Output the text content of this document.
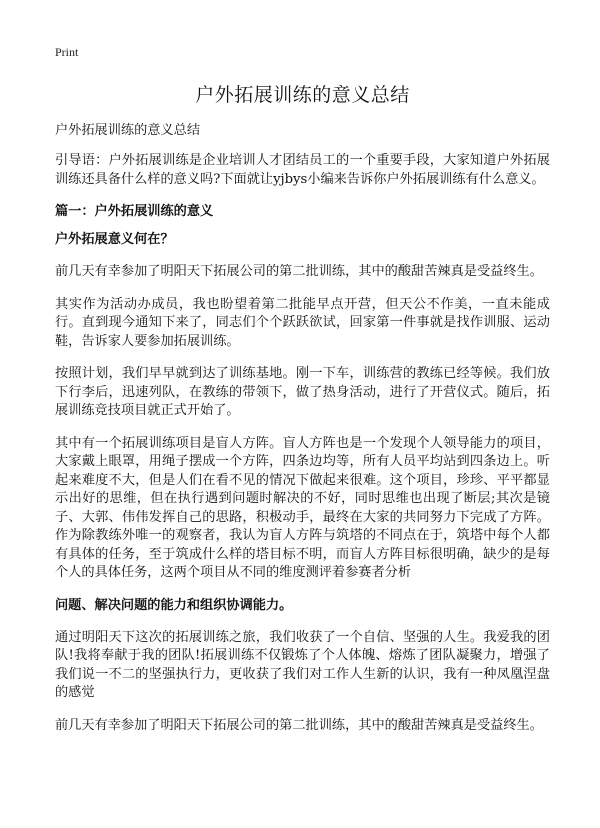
Print
户外拓展训练的意义总结
户外拓展训练的意义总结

引导语：户外拓展训练是企业培训人才团结员工的一个重要手段，大家知道户外拓展训练还具备什么样的意义吗?下面就让yjbys小编来告诉你户外拓展训练有什么意义。

篇一：户外拓展训练的意义
户外拓展意义何在？

前几天有幸参加了明阳天下拓展公司的第二批训练，其中的酸甜苦辣真是受益终生。

其实作为活动办成员，我也盼望着第二批能早点开营，但天公不作美，一直未能成行。直到现今通知下来了，同志们个个跃跃欲试，回家第一件事就是找作训服、运动鞋，告诉家人要参加拓展训练。

按照计划，我们早早就到达了训练基地。刚一下车，训练营的教练已经等候。我们放下行李后，迅速列队，在教练的带领下，做了热身活动，进行了开营仪式。随后，拓展训练竞技项目就正式开始了。

其中有一个拓展训练项目是盲人方阵。盲人方阵也是一个发现个人领导能力的项目，大家戴上眼罩，用绳子摆成一个方阵，四条边均等，所有人员平均站到四条边上。听起来难度不大，但是人们在看不见的情况下做起来很难。这个项目，珍珍、平平都显示出好的思维，但在执行遇到问题时解决的不好，同时思维也出现了断层;其次是镜子、大郭、伟伟发挥自己的思路，积极动手，最终在大家的共同努力下完成了方阵。 作为除教练外唯一的观察者，我认为盲人方阵与筑塔的不同点在于，筑塔中每个人都有具体的任务，至于筑成什么样的塔目标不明，而盲人方阵目标很明确，缺少的是每个人的具体任务，这两个项目从不同的维度测评着参赛者分析

问题、解决问题的能力和组织协调能力。

通过明阳天下这次的拓展训练之旅，我们收获了一个自信、坚强的人生。我爱我的团队!我将奉献于我的团队!拓展训练不仅锻炼了个人体魄、熔炼了团队凝聚力，增强了我们说一不二的坚强执行力，更收获了我们对工作人生新的认识，我有一种凤凰涅盘的感觉

前几天有幸参加了明阳天下拓展公司的第二批训练，其中的酸甜苦辣真是受益终生。
